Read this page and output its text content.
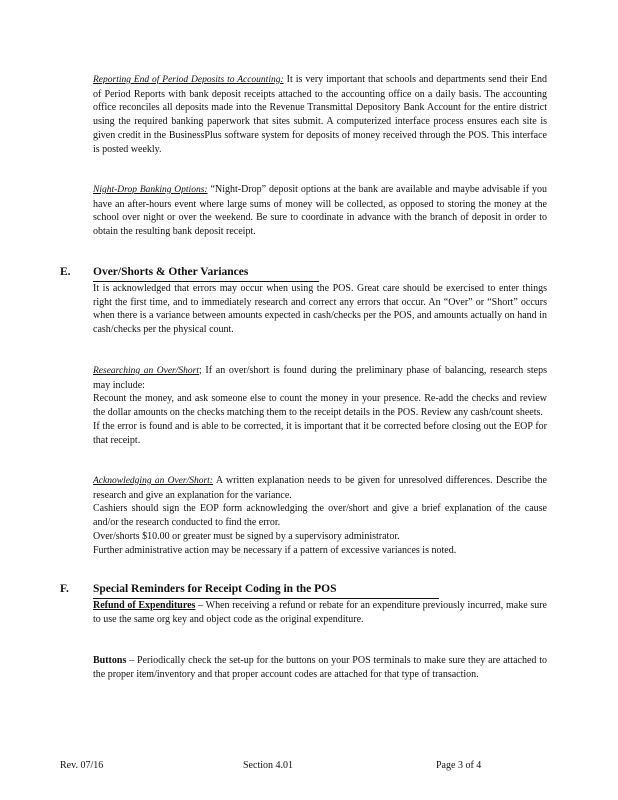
Reporting End of Period Deposits to Accounting: It is very important that schools and departments send their End of Period Reports with bank deposit receipts attached to the accounting office on a daily basis. The accounting office reconciles all deposits made into the Revenue Transmittal Depository Bank Account for the entire district using the required banking paperwork that sites submit. A computerized interface process ensures each site is given credit in the BusinessPlus software system for deposits of money received through the POS. This interface is posted weekly.

Night-Drop Banking Options: “Night-Drop” deposit options at the bank are available and maybe advisable if you have an after-hours event where large sums of money will be collected, as opposed to storing the money at the school over night or over the weekend. Be sure to coordinate in advance with the branch of deposit in order to obtain the resulting bank deposit receipt.

E. Over/Shorts & Other Variances

It is acknowledged that errors may occur when using the POS. Great care should be exercised to enter things right the first time, and to immediately research and correct any errors that occur. An “Over” or “Short” occurs when there is a variance between amounts expected in cash/checks per the POS, and amounts actually on hand in cash/checks per the physical count.

Researching an Over/Short; If an over/short is found during the preliminary phase of balancing, research steps may include:

Recount the money, and ask someone else to count the money in your presence. Re-add the checks and review the dollar amounts on the checks matching them to the receipt details in the POS. Review any cash/count sheets.

If the error is found and is able to be corrected, it is important that it be corrected before closing out the EOP for that receipt.

Acknowledging an Over/Short: A written explanation needs to be given for unresolved differences. Describe the research and give an explanation for the variance.

Cashiers should sign the EOP form acknowledging the over/short and give a brief explanation of the cause and/or the research conducted to find the error.

Over/shorts $10.00 or greater must be signed by a supervisory administrator.

Further administrative action may be necessary if a pattern of excessive variances is noted.

F. Special Reminders for Receipt Coding in the POS

Refund of Expenditures – When receiving a refund or rebate for an expenditure previously incurred, make sure to use the same org key and object code as the original expenditure.

Buttons – Periodically check the set-up for the buttons on your POS terminals to make sure they are attached to the proper item/inventory and that proper account codes are attached for that type of transaction.

Rev. 07/16	Section 4.01	Page 3 of 4
